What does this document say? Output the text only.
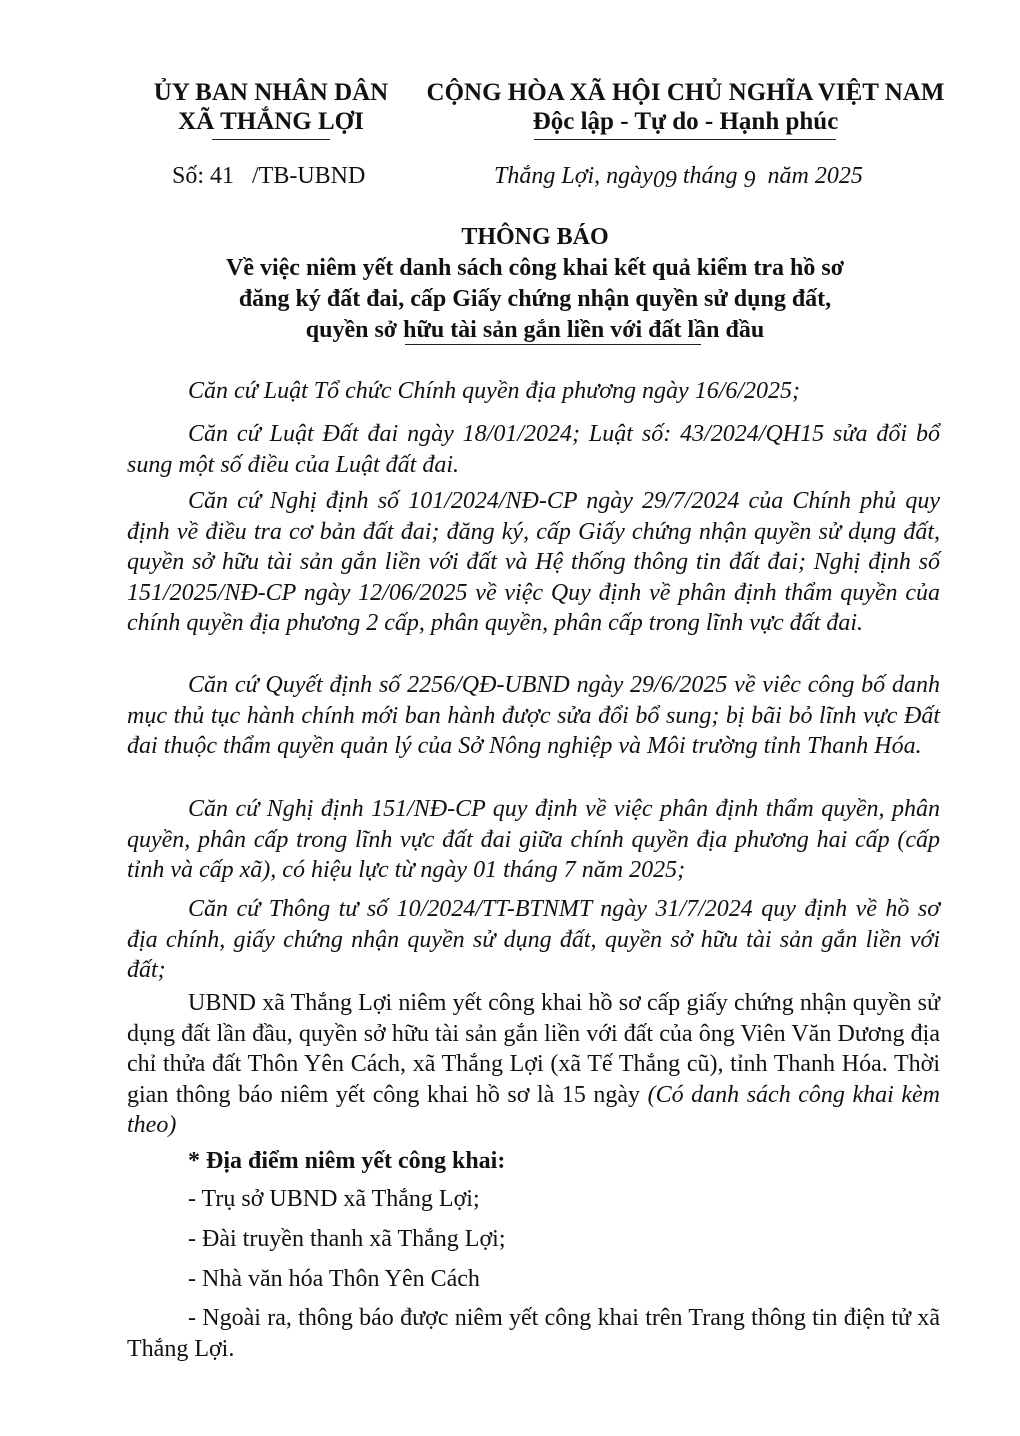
ỦY BAN NHÂN DÂN
XÃ THẮNG LỢI
CỘNG HÒA XÃ HỘI CHỦ NGHĨA VIỆT NAM
Độc lập - Tự do - Hạnh phúc
Số: 41   /TB-UBND	Thắng Lợi, ngày09 tháng 9  năm 2025
THÔNG BÁO
Về việc niêm yết danh sách công khai kết quả kiểm tra hồ sơ
đăng ký đất đai, cấp Giấy chứng nhận quyền sử dụng đất,
quyền sở hữu tài sản gắn liền với đất lần đầu
Căn cứ Luật Tổ chức Chính quyền địa phương ngày 16/6/2025;
Căn cứ Luật Đất đai ngày 18/01/2024; Luật số: 43/2024/QH15 sửa đổi bổ sung một số điều của Luật đất đai.
Căn cứ Nghị định số 101/2024/NĐ-CP ngày 29/7/2024 của Chính phủ quy định về điều tra cơ bản đất đai; đăng ký, cấp Giấy chứng nhận quyền sử dụng đất, quyền sở hữu tài sản gắn liền với đất và Hệ thống thông tin đất đai; Nghị định số 151/2025/NĐ-CP ngày 12/06/2025 về việc Quy định về phân định thẩm quyền của chính quyền địa phương 2 cấp, phân quyền, phân cấp trong lĩnh vực đất đai.
Căn cứ Quyết định số 2256/QĐ-UBND ngày 29/6/2025 về viêc công bố danh mục thủ tục hành chính mới ban hành được sửa đổi bổ sung; bị bãi bỏ lĩnh vực Đất đai thuộc thẩm quyền quản lý của Sở Nông nghiệp và Môi trường tỉnh Thanh Hóa.
Căn cứ Nghị định 151/NĐ-CP quy định về việc phân định thẩm quyền, phân quyền, phân cấp trong lĩnh vực đất đai giữa chính quyền địa phương hai cấp (cấp tỉnh và cấp xã), có hiệu lực từ ngày 01 tháng 7 năm 2025;
Căn cứ Thông tư số 10/2024/TT-BTNMT ngày 31/7/2024 quy định về hồ sơ địa chính, giấy chứng nhận quyền sử dụng đất, quyền sở hữu tài sản gắn liền với đất;
UBND xã Thắng Lợi niêm yết công khai hồ sơ cấp giấy chứng nhận quyền sử dụng đất lần đầu, quyền sở hữu tài sản gắn liền với đất của ông Viên Văn Dương địa chỉ thửa đất Thôn Yên Cách, xã Thắng Lợi (xã Tế Thắng cũ), tỉnh Thanh Hóa. Thời gian thông báo niêm yết công khai hồ sơ là 15 ngày (Có danh sách công khai kèm theo)
* Địa điểm niêm yết công khai:
- Trụ sở UBND xã Thắng Lợi;
- Đài truyền thanh xã Thắng Lợi;
- Nhà văn hóa Thôn Yên Cách
- Ngoài ra, thông báo được niêm yết công khai trên Trang thông tin điện tử xã Thắng Lợi.
